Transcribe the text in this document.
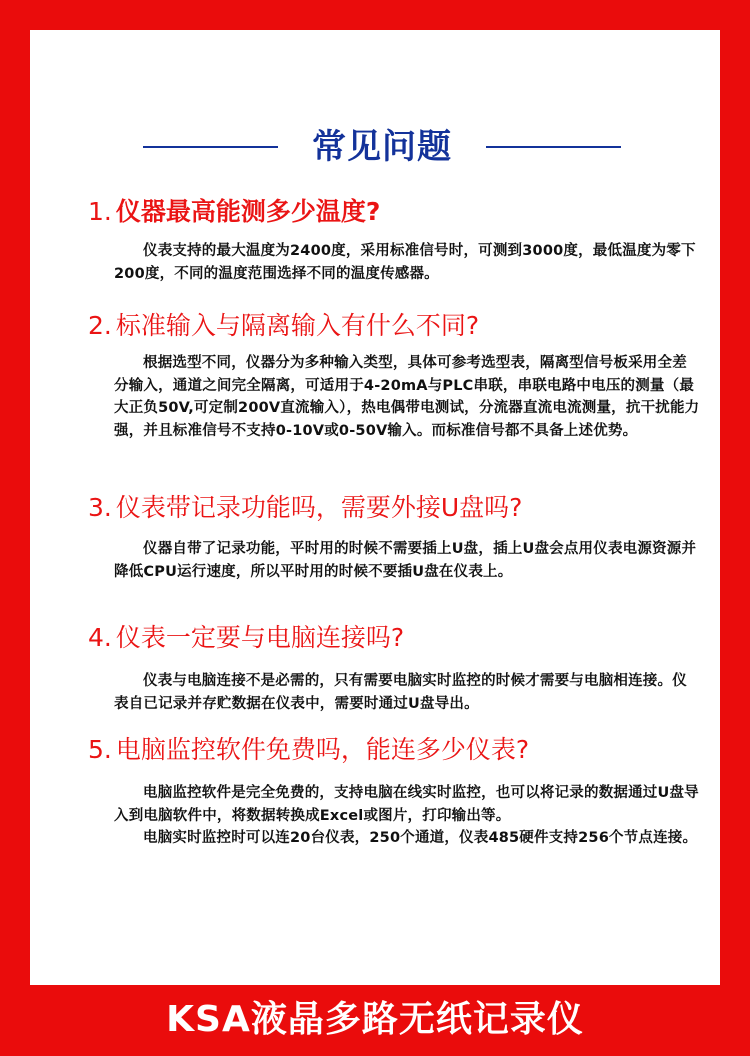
常见问题
1. 仪器最高能测多少温度?

仪表支持的最大温度为2400度，采用标准信号时，可测到3000度，最低温度为零下200度，不同的温度范围选择不同的温度传感器。

2. 标准输入与隔离输入有什么不同?

根据选型不同，仪器分为多种输入类型，具体可参考选型表，隔离型信号板采用全差分输入，通道之间完全隔离，可适用于4-20mA与PLC串联，串联电路中电压的测量（最大正负50V,可定制200V直流输入），热电偶带电测试，分流器直流电流测量，抗干扰能力强，并且标准信号不支持0-10V或0-50V输入。而标准信号都不具备上述优势。

3. 仪表带记录功能吗，需要外接U盘吗?

仪器自带了记录功能，平时用的时候不需要插上U盘，插上U盘会点用仪表电源资源并降低CPU运行速度，所以平时用的时候不要插U盘在仪表上。

4. 仪表一定要与电脑连接吗?

仪表与电脑连接不是必需的，只有需要电脑实时监控的时候才需要与电脑相连接。仪表自已记录并存贮数据在仪表中，需要时通过U盘导出。

5. 电脑监控软件免费吗，能连多少仪表?

电脑监控软件是完全免费的，支持电脑在线实时监控，也可以将记录的数据通过U盘导入到电脑软件中，将数据转换成Excel或图片，打印输出等。

电脑实时监控时可以连20台仪表，250个通道，仪表485硬件支持256个节点连接。

KSA液晶多路无纸记录仪
